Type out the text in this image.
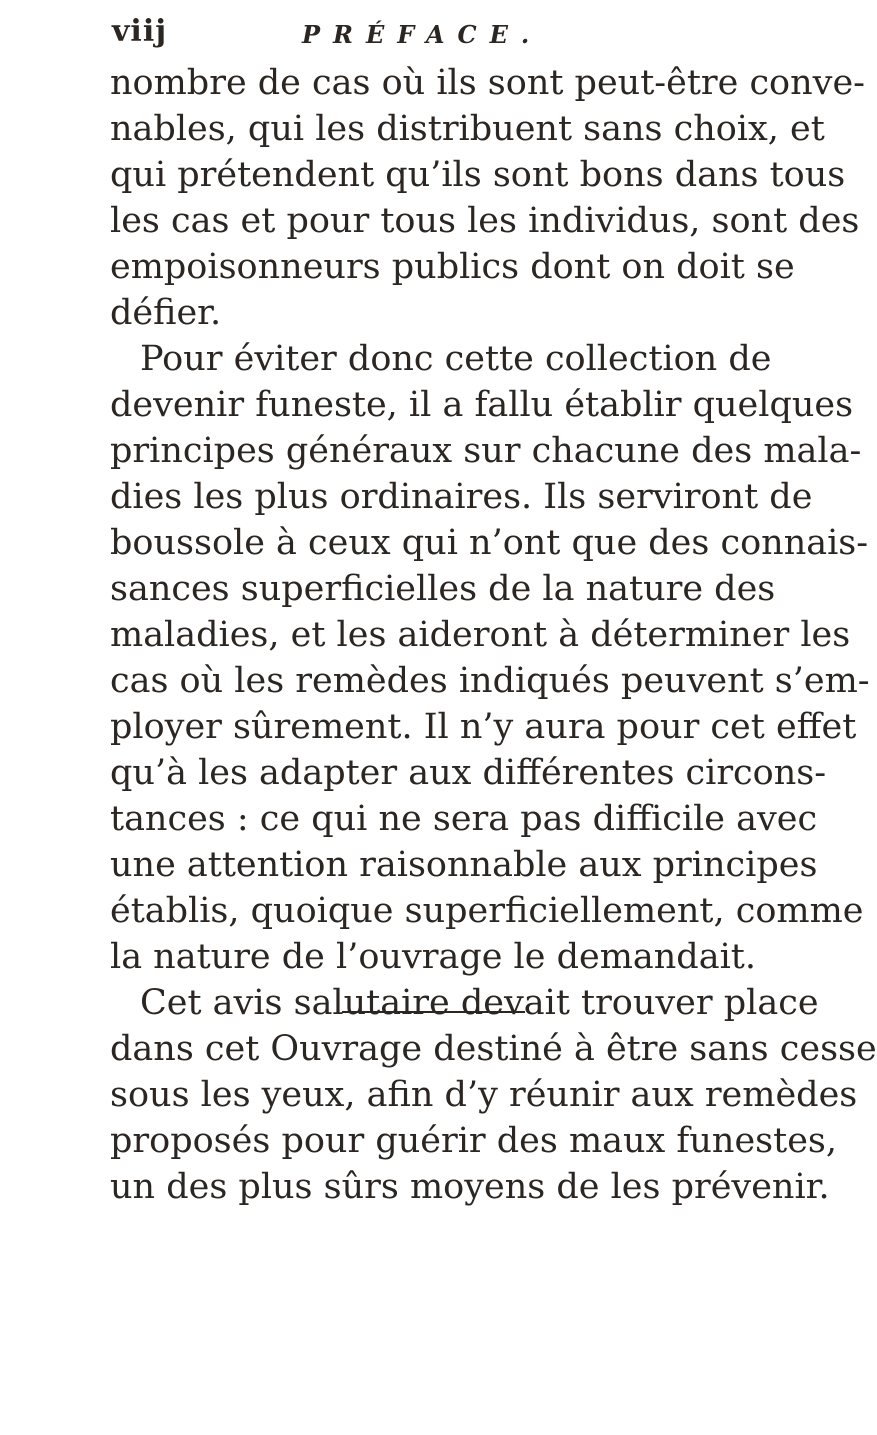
viij	PRÉFACE.
nombre de cas où ils sont peut-être conve-
nables, qui les distribuent sans choix, et
qui prétendent qu’ils sont bons dans tous
les cas et pour tous les individus, sont des
empoisonneurs publics dont on doit se
défier.
Pour éviter donc cette collection de
devenir funeste, il a fallu établir quelques
principes généraux sur chacune des mala-
dies les plus ordinaires. Ils serviront de
boussole à ceux qui n’ont que des connais-
sances superficielles de la nature des
maladies, et les aideront à déterminer les
cas où les remèdes indiqués peuvent s’em-
ployer sûrement. Il n’y aura pour cet effet
qu’à les adapter aux différentes circons-
tances : ce qui ne sera pas difficile avec
une attention raisonnable aux principes
établis, quoique superficiellement, comme
la nature de l’ouvrage le demandait.
Cet avis salutaire devait trouver place
dans cet Ouvrage destiné à être sans cesse
sous les yeux, afin d’y réunir aux remèdes
proposés pour guérir des maux funestes,
un des plus sûrs moyens de les prévenir.
